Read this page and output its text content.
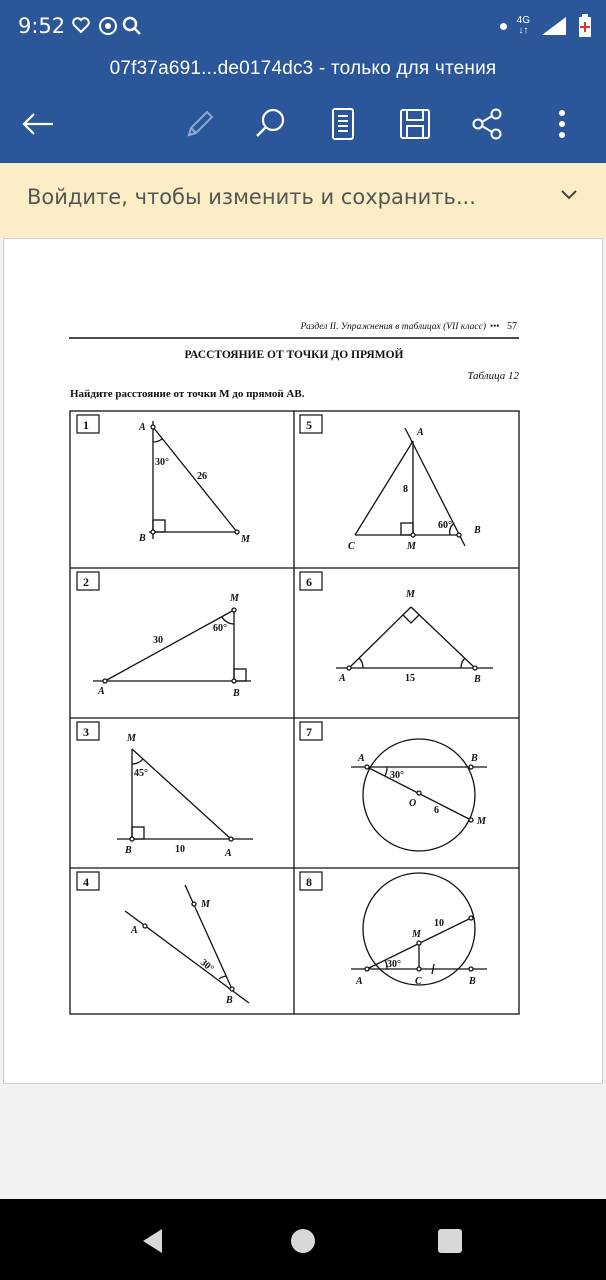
9:52	4G
↓↑
07f37a691...de0174dc3 - только для чтения
Войдите, чтобы изменить и сохранить...
Раздел II. Упражнения в таблицах (VII класс) ••• 57
РАССТОЯНИЕ ОТ ТОЧКИ ДО ПРЯМОЙ
Таблица 12
Найдите расстояние от точки M до прямой AB.
1	5
2	6
3	7
4	8
A
B	M
30°
26
A
B
C	M
60°
8
A	B
M
60°
30
A	B
M
15
A
B
M
45°
10
A	B
M
O
30°
6
A
B
M
30°
A	B
C
M
30°
10
